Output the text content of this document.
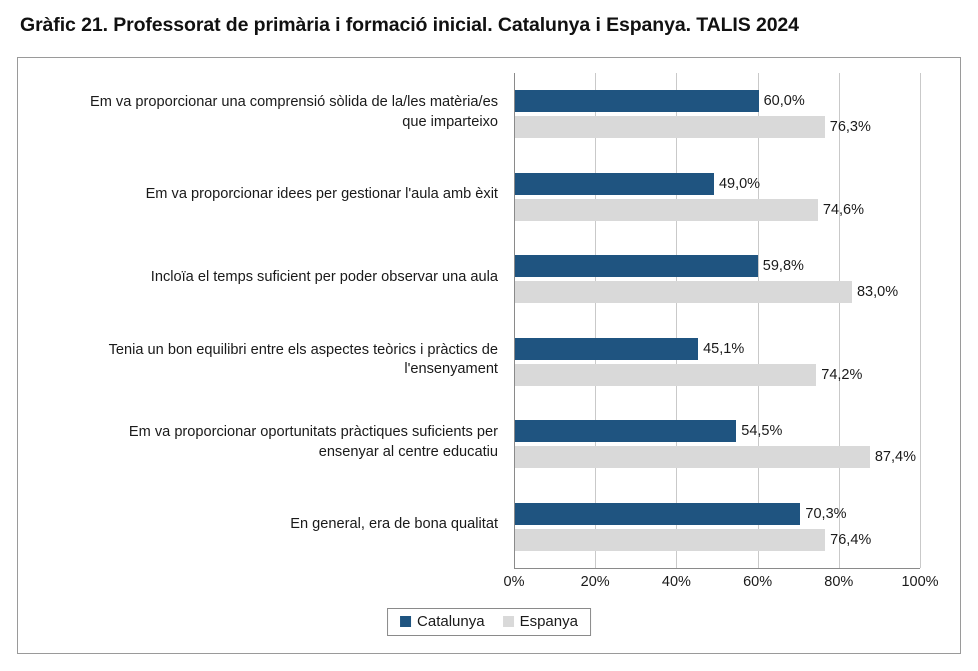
Gràfic 21. Professorat de primària i formació inicial. Catalunya i Espanya. TALIS 2024
Em va proporcionar una comprensió sòlida de la/les matèria/es
que imparteixo
60,0%
76,3%
Em va proporcionar idees per gestionar l'aula amb èxit
49,0%
74,6%
Incloïa el temps suficient per poder observar una aula
59,8%
83,0%
Tenia un bon equilibri entre els aspectes teòrics i pràctics de
l'ensenyament
45,1%
74,2%
Em va proporcionar oportunitats pràctiques suficients per
ensenyar al centre educatiu
54,5%
87,4%
En general, era de bona qualitat
70,3%
76,4%
0%	20%	40%	60%	80%	100%
Catalunya Espanya
